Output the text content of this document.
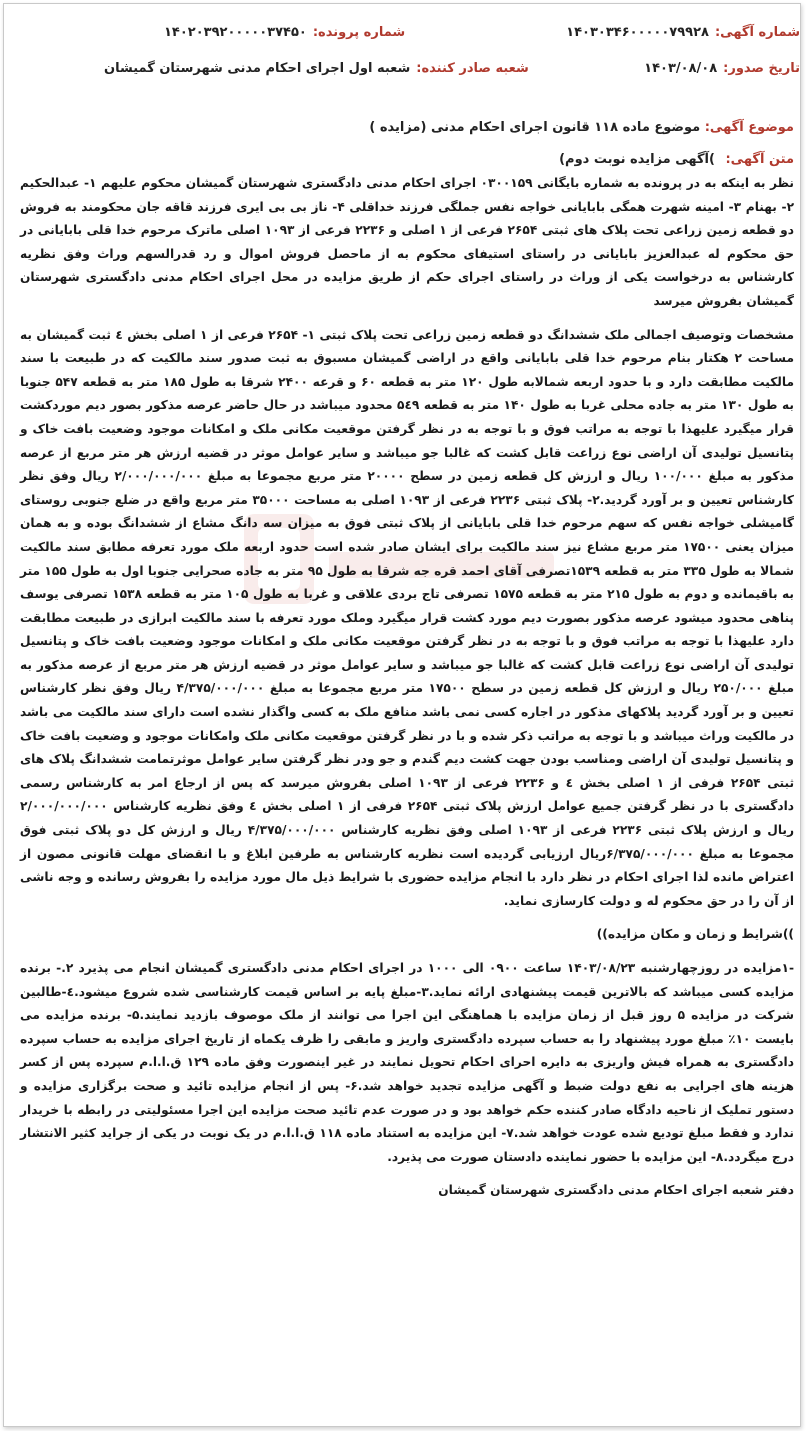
شماره آگهی:
۱۴۰۳۰۳۴۶۰۰۰۰۰۷۹۹۲۸
شماره پرونده:
۱۴۰۲۰۳۹۲۰۰۰۰۰۳۷۴۵۰
تاریخ صدور:
۱۴۰۳/۰۸/۰۸
شعبه صادر کننده:
شعبه اول اجرای احکام مدنی شهرستان گمیشان
موضوع آگهی: موضوع ماده ۱۱۸ قانون اجرای احکام مدنی (مزایده )
متن آگهی: )آگهی مزایده نوبت دوم)

نظر به اینکه به در پرونده به شماره بایگانی ۰۳۰۰۱۵۹ اجرای احکام مدنی دادگستری شهرستان گمیشان محکوم علیهم ۱- عبدالحکیم ۲- بهنام ۳- امینه شهرت همگی بابایانی خواجه نفس جملگی فرزند خداقلی ۴- ناز بی بی ایری فرزند قاقه جان محکومند به فروش دو قطعه زمین زراعی تحت پلاک های ثبتی ۲۶۵۴ فرعی از ۱ اصلی و ۲۲۳۶ فرعی از ۱۰۹۳ اصلی ماترک مرحوم خدا قلی بابایانی در حق محکوم له عبدالعزیز بابایانی در راستای استیفای محکوم به از ماحصل فروش اموال و رد قدرالسهم وراث وفق نظریه کارشناس به درخواست یکی از وراث در راستای اجرای حکم از طریق مزایده در محل اجرای احکام مدنی دادگستری شهرستان گمیشان بفروش میرسد

مشخصات وتوصیف اجمالی ملک ششدانگ دو قطعه زمین زراعی تحت پلاک ثبتی ۱- ۲۶۵۴ فرعی از ۱ اصلی بخش ٤ ثبت گمیشان به مساحت ۲ هکتار بنام مرحوم خدا قلی بابایانی واقع در اراضی گمیشان مسبوق به ثبت صدور سند مالکیت که در طبیعت با سند مالکیت مطابقت دارد و با حدود اربعه شمالابه طول ۱۲۰ متر به قطعه ۶۰ و قرعه ۲۴۰۰ شرقا به طول ۱۸۵ متر به قطعه ۵۴۷ جنوبا به طول ۱۳۰ متر به جاده محلی غربا به طول ۱۴۰ متر به قطعه ۵٤۹ محدود میباشد در حال حاضر عرصه مذکور بصور دیم موردکشت قرار میگیرد علیهذا با توجه به مراتب فوق و با توجه به در نظر گرفتن موقعیت مکانی ملک و امکانات موجود وضعیت بافت خاک و پتانسیل تولیدی آن اراضی نوع زراعت قابل کشت که غالبا جو میباشد و سایر عوامل موثر در قضیه ارزش هر متر مربع از عرصه مذکور به مبلغ ۱۰۰/۰۰۰ ریال و ارزش کل قطعه زمین در سطح ۲۰۰۰۰ متر مربع مجموعا به مبلغ ۲/۰۰۰/۰۰۰/۰۰۰ ریال وفق نظر کارشناس تعیین و بر آورد گردید.۲- پلاک ثبتی ۲۲۳۶ فرعی از ۱۰۹۳ اصلی به مساحت ۳۵۰۰۰ متر مربع واقع در ضلع جنوبی روستای گامیشلی خواجه نفس که سهم مرحوم خدا قلی بابایانی از پلاک ثبتی فوق به میزان سه دانگ مشاع از ششدانگ بوده و به همان میزان یعنی ۱۷۵۰۰ متر مربع مشاع نیز سند مالکیت برای ایشان صادر شده است حدود اربعه ملک مورد تعرفه مطابق سند مالکیت شمالا به طول ۳۳۵ متر به قطعه ۱۵۳۹تصرفی آقای احمد قره جه شرقا به طول ۹۵ متر به جاده صحرایی جنوبا اول به طول ۱۵۵ متر به باقیمانده و دوم به طول ۲۱۵ متر به قطعه ۱۵۷۵ تصرفی تاج بردی علاقی و غربا به طول ۱۰۵ متر به قطعه ۱۵۳۸ تصرفی یوسف پناهی محدود میشود عرصه مذکور بصورت دیم مورد کشت قرار میگیرد وملک مورد تعرفه با سند مالکیت ابرازی در طبیعت مطابقت دارد علیهذا با توجه به مراتب فوق و با توجه به در نظر گرفتن موقعیت مکانی ملک و امکانات موجود وضعیت بافت خاک و پتانسیل تولیدی آن اراضی نوع زراعت قابل کشت که غالبا جو میباشد و سایر عوامل موثر در قضیه ارزش هر متر مربع از عرصه مذکور به مبلغ ۲۵۰/۰۰۰ ریال و ارزش کل قطعه زمین در سطح ۱۷۵۰۰ متر مربع مجموعا به مبلغ ۴/۳۷۵/۰۰۰/۰۰۰ ریال وفق نظر کارشناس تعیین و بر آورد گردید پلاکهای مذکور در اجاره کسی نمی باشد منافع ملک به کسی واگذار نشده است دارای سند مالکیت می باشد در مالکیت وراث میباشد و با توجه به مراتب ذکر شده و با در نظر گرفتن موقعیت مکانی ملک وامکانات موجود و وضعیت بافت خاک و پتانسیل تولیدی آن اراضی ومناسب بودن جهت کشت دیم گندم و جو ودر نظر گرفتن سایر عوامل موثرتمامت ششدانگ پلاک های ثبتی ۲۶۵۴ فرفی از ۱ اصلی بخش ٤ و ۲۲۳۶ فرعی از ۱۰۹۳ اصلی بفروش میرسد که پس از ارجاع امر به کارشناس رسمی دادگستری با در نظر گرفتن جمیع عوامل ارزش پلاک ثبتی ۲۶۵۴ فرفی از ۱ اصلی بخش ٤ وفق نظریه کارشناس ۲/۰۰۰/۰۰۰/۰۰۰ ریال و ارزش پلاک ثبتی ۲۲۳۶ فرعی از ۱۰۹۳ اصلی وفق نظریه کارشناس ۴/۳۷۵/۰۰۰/۰۰۰ ریال و ارزش کل دو پلاک ثبتی فوق مجموعا به مبلغ ۶/۳۷۵/۰۰۰/۰۰۰ریال ارزیابی گردیده است نظریه کارشناس به طرفین ابلاغ و با انقضای مهلت قانونی مصون از اعتراض مانده لذا اجرای احکام در نظر دارد با انجام مزایده حضوری با شرایط ذیل مال مورد مزایده را بفروش رسانده و وجه ناشی از آن را در حق محکوم له و دولت کارسازی نماید.

))شرایط و زمان و مکان مزایده))

-۱مزایده در روزچهارشنبه ۱۴۰۳/۰۸/۲۳ ساعت ۰۹۰۰ الی ۱۰۰۰ در اجرای احکام مدنی دادگستری گمیشان انجام می پذیرد ۲.- برنده مزایده کسی میباشد که بالاترین قیمت پیشنهادی ارائه نماید.۳-مبلغ پایه بر اساس قیمت کارشناسی شده شروع میشود.٤-طالبین شرکت در مزایده ۵ روز قبل از زمان مزایده با هماهنگی این اجرا می توانند از ملک موصوف بازدید نمایند.۵- برنده مزایده می بایست ۱۰٪ مبلغ مورد پیشنهاد را به حساب سپرده دادگستری واریز و مابقی را ظرف یکماه از تاریخ اجرای مزایده به حساب سپرده دادگستری به همراه فیش واریزی به دایره احرای احکام تحویل نمایند در غیر اینصورت وفق ماده ۱۲۹ ق.ا.ا.م سپرده پس از کسر هزینه های اجرایی به نفع دولت ضبط و آگهی مزایده تجدید خواهد شد.۶- پس از انجام مزایده تائید و صحت برگزاری مزایده و دستور تملیک از ناحیه دادگاه صادر کننده حکم خواهد بود و در صورت عدم تائید صحت مزایده این اجرا مسئولیتی در رابطه با خریدار ندارد و فقط مبلغ تودیع شده عودت خواهد شد.۷- این مزایده به استناد ماده ۱۱۸ ق.ا.ا.م در یک نوبت در یکی از جراید کثیر الانتشار درج میگردد.۸- این مزایده با حضور نماینده دادستان صورت می پذیرد.

دفتر شعبه اجرای احکام مدنی دادگستری شهرستان گمیشان
